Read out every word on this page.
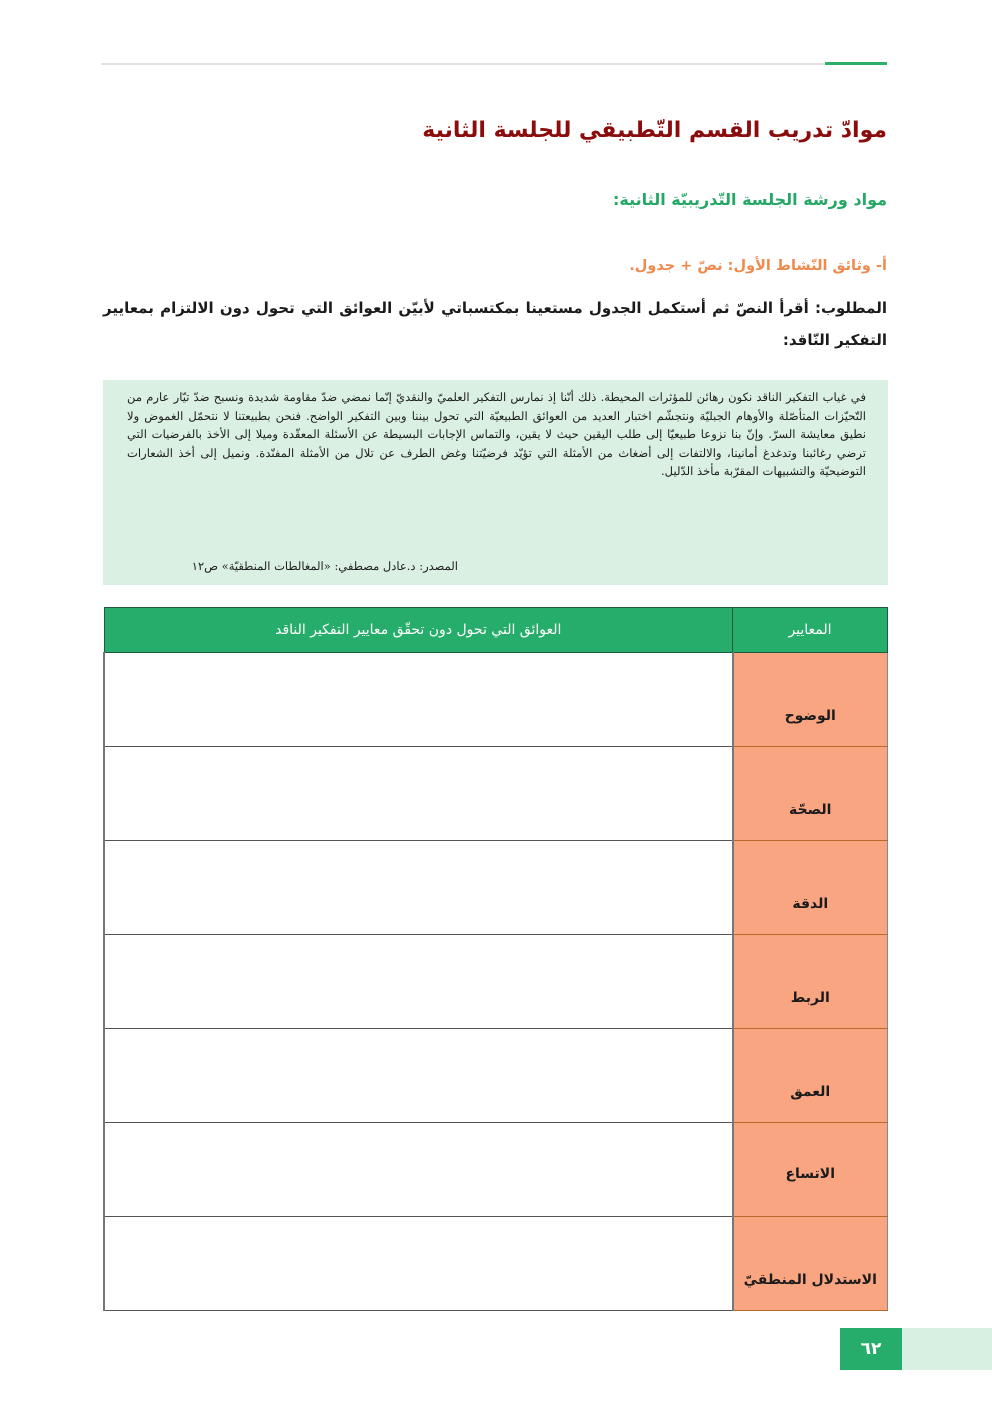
موادّ تدريب القسم التّطبيقي للجلسة الثانية
مواد ورشة الجلسة التّدريبيّة الثانية:
أ- وثائق النّشاط الأول: نصّ + جدول.
المطلوب: أقرأ النصّ ثم أستكمل الجدول مستعينا بمكتسباتي لأبيّن العوائق التي تحول دون الالتزام بمعايير التفكير النّاقد:
في غياب التفكير الناقد نكون رهائن للمؤثرات المحيطة. ذلك أنّنا إذ نمارس التفكير العلميّ والنقديّ إنّما نمضي ضدّ مقاومة شديدة ونسبح ضدّ تيّار عارم من التّحيّزات المتأصّلة والأوهام الجبليّة ونتجشّم اختبار العديد من العوائق الطبيعيّة التي تحول بيننا وبين التفكير الواضح. فنحن بطبيعتنا لا نتحمّل الغموض ولا نطيق معايشة السرّ. وإنّ بنا نزوعا طبيعيّا إلى طلب اليقين حيث لا يقين، والتماس الإجابات البسيطة عن الأسئلة المعقّدة وميلا إلى الأخذ بالفرضيات التي ترضي رغائبنا وتدغدغ أمانينا، والالتفات إلى أضغاث من الأمثلة التي تؤيّد فرضيّتنا وغض الطرف عن تلال من الأمثلة المفنّدة. ونميل إلى أخذ الشعارات التوضيحيّة والتشبيهات المقرّبة مأخذ الدّليل.
المصدر: د.عادل مصطفي: «المغالطات المنطقيّة» ص١٢
المعايير	العوائق التي تحول دون تحقّق معايير التفكير الناقد
الوضوح	
الصحّة	
الدقة	
الربط	
العمق	
الاتساع	
الاستدلال المنطقيّ	
٦٢
